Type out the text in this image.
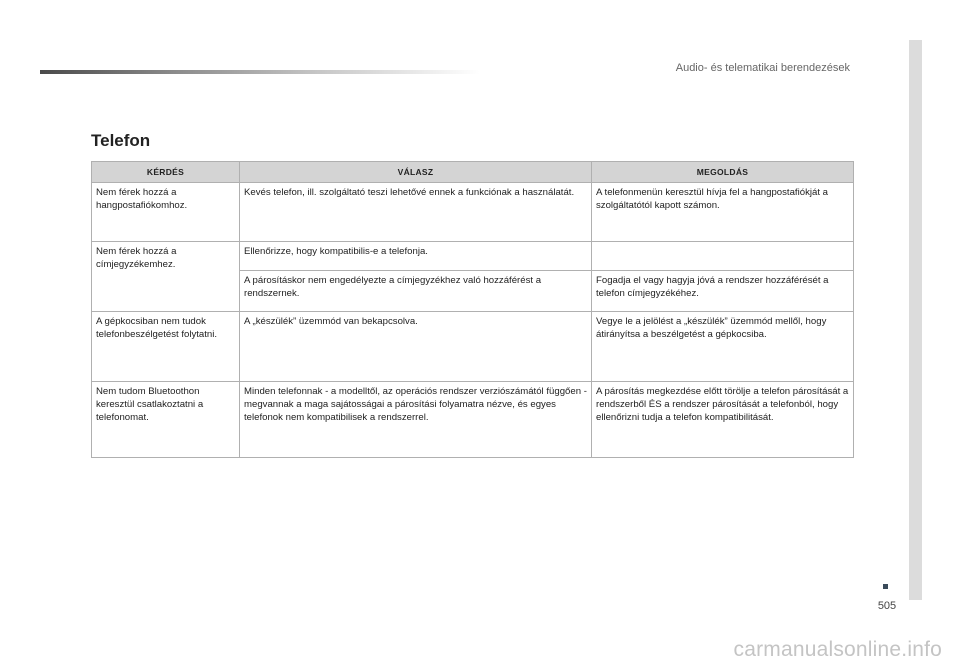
Audio- és telematikai berendezések
Telefon
KÉRDÉS	VÁLASZ	MEGOLDÁS
Nem férek hozzá a hangpostafiókomhoz.	Kevés telefon, ill. szolgáltató teszi lehetővé ennek a funkciónak a használatát.	A telefonmenün keresztül hívja fel a hangpostafiókját a szolgáltatótól kapott számon.
Nem férek hozzá a címjegyzékemhez.	Ellenőrizze, hogy kompatibilis-e a telefonja.	
	A párosításkor nem engedélyezte a címjegyzékhez való hozzáférést a rendszernek.	Fogadja el vagy hagyja jóvá a rendszer hozzáférését a telefon címjegyzékéhez.
A gépkocsiban nem tudok telefonbeszélgetést folytatni.	A „készülék” üzemmód van bekapcsolva.	Vegye le a jelölést a „készülék” üzemmód mellől, hogy átirányítsa a beszélgetést a gépkocsiba.
Nem tudom Bluetoothon keresztül csatlakoztatni a telefonomat.	Minden telefonnak - a modelltől, az operációs rendszer verziószámától függően - megvannak a maga sajátosságai a párosítási folyamatra nézve, és egyes telefonok nem kompatibilisek a rendszerrel.	A párosítás megkezdése előtt törölje a telefon párosítását a rendszerből ÉS a rendszer párosítását a telefonból, hogy ellenőrizni tudja a telefon kompatibilitását.
505
carmanualsonline.info
